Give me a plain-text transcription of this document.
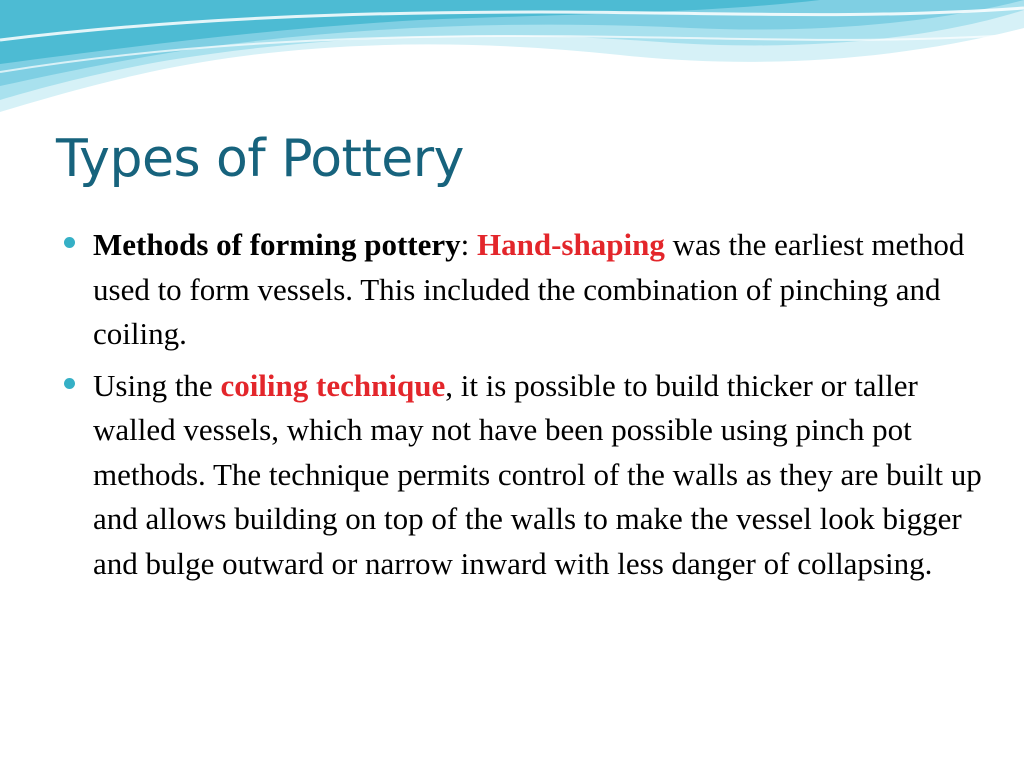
Types of Pottery
Methods of forming pottery: Hand-shaping was the earliest method used to form vessels. This included the combination of pinching and coiling.
Using the coiling technique, it is possible to build thicker or taller walled vessels, which may not have been possible using pinch pot methods. The technique permits control of the walls as they are built up and allows building on top of the walls to make the vessel look bigger and bulge outward or narrow inward with less danger of collapsing.
